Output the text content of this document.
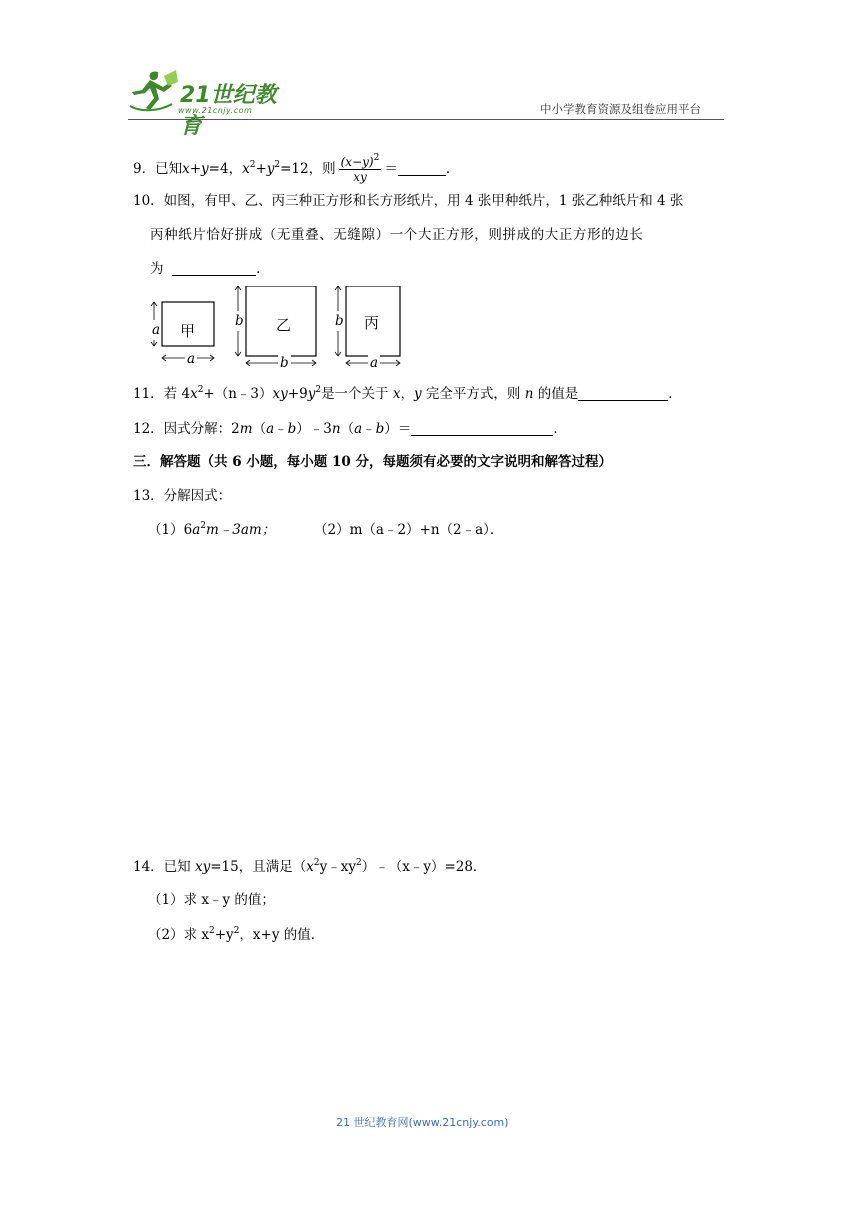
21世纪教育
www.21cnjy.com	中小学教育资源及组卷应用平台
9．已知x+y=4，$x^2+y^2=12$，则 $\frac{(x-y)^2}{xy}$ ＝	．
10．如图，有甲、乙、丙三种正方形和长方形纸片，用 4 张甲种纸片，1 张乙种纸片和 4 张
丙种纸片恰好拼成（无重叠、无缝隙）一个大正方形，则拼成的大正方形的边长
为	．
甲	乙	丙
a
a
b
b
b
a
11．若 $4x^2+(n﹣3)xy+9y^2$是一个关于 x，y 完全平方式，则 n 的值是	．
12．因式分解：2m（a﹣b）﹣3n（a﹣b）＝	．
三．解答题（共 6 小题，每小题 10 分，每题须有必要的文字说明和解答过程）
13．分解因式：
$(1)6a^2m﹣3am$；	（2）m（a﹣2）+n（2﹣a）．
14．已知 xy=15，且满足$(x^2y﹣xy^2)﹣(x﹣y)=28$．
（1）求 x﹣y 的值；
（2）求 $x^2+y^2$，x+y 的值．
21 世纪教育网(www.21cnjy.com)
